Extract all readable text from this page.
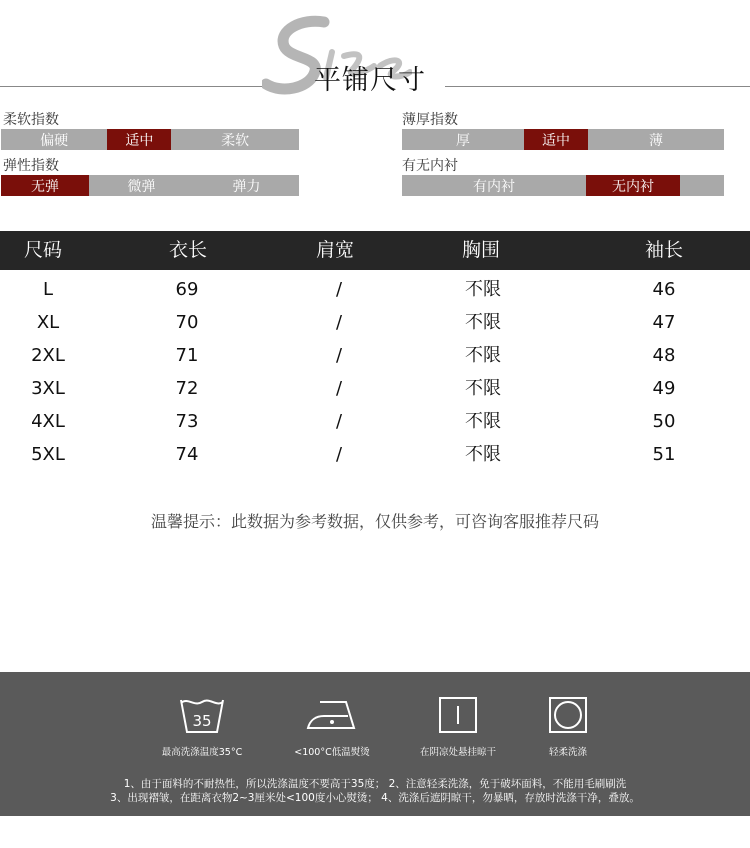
平铺尺寸
柔软指数
偏硬	适中	柔软
弹性指数
无弹	微弹	弹力
薄厚指数
厚	适中	薄
有无内衬
有内衬	无内衬
尺码	衣长	肩宽	胸围	袖长
L	69	/	不限	46
XL	70	/	不限	47
2XL	71	/	不限	48
3XL	72	/	不限	49
4XL	73	/	不限	50
5XL	74	/	不限	51
温馨提示：此数据为参考数据，仅供参考，可咨询客服推荐尺码
35
最高洗涤温度35°C	<100°C低温熨烫	在阴凉处悬挂晾干	轻柔洗涤
1、由于面料的不耐热性，所以洗涤温度不要高于35度； 2、注意轻柔洗涤，免于破坏面料，不能用毛刷刷洗
3、出现褶皱，在距离衣物2~3厘米处<100度小心熨烫； 4、洗涤后遮阴晾干，勿暴晒，存放时洗涤干净，叠放。
